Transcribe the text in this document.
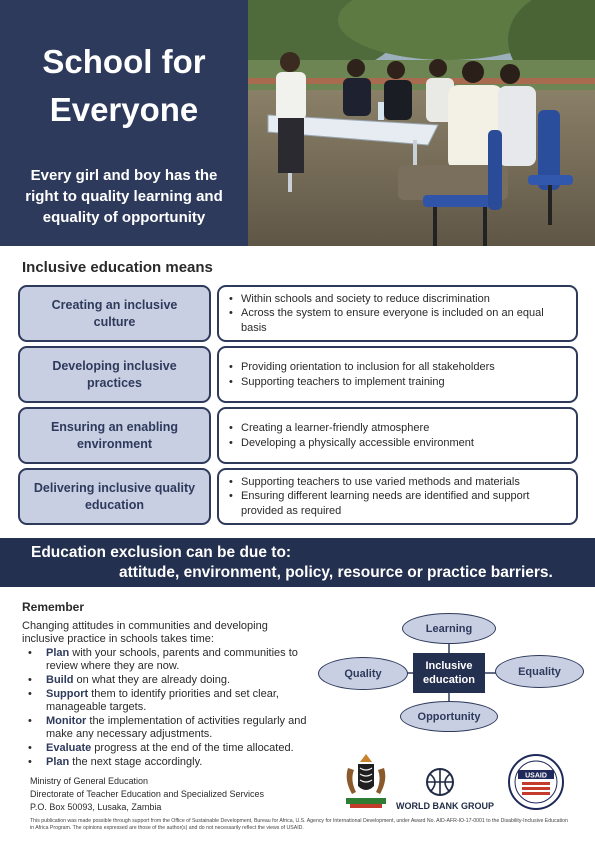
School for
Everyone
Every girl and boy has the
right to quality learning and
equality of opportunity
Inclusive education means
Creating an inclusive culture
• Within schools and society to reduce discrimination
• Across the system to ensure everyone is included on an equal basis
Developing inclusive practices
• Providing orientation to inclusion for all stakeholders
• Supporting teachers to implement training
Ensuring an enabling environment
• Creating a learner-friendly atmosphere
• Developing a physically accessible environment
Delivering inclusive quality education
• Supporting teachers to use varied methods and materials
• Ensuring different learning needs are identified and support provided as required
Education exclusion can be due to:
attitude, environment, policy, resource or practice barriers.
Remember
Changing attitudes in communities and developing inclusive practice in schools takes time:
• Plan with your schools, parents and communities to review where they are now.
• Build on what they are already doing.
• Support them to identify priorities and set clear, manageable targets.
• Monitor the implementation of activities regularly and make any necessary adjustments.
• Evaluate progress at the end of the time allocated.
• Plan the next stage accordingly.
Learning
Quality	Equality
Opportunity
Inclusive
education
Ministry of General Education
Directorate of Teacher Education and Specialized Services
P.O. Box 50093, Lusaka, Zambia	WORLD BANK GROUP
USAID
This publication was made possible through support from the Office of Sustainable Development, Bureau for Africa, U.S. Agency for International Development, under Award No. AID-AFR-IO-17-0001 to the Disability-Inclusive Education in Africa Program. The opinions expressed are those of the author(s) and do not necessarily reflect the views of USAID.
